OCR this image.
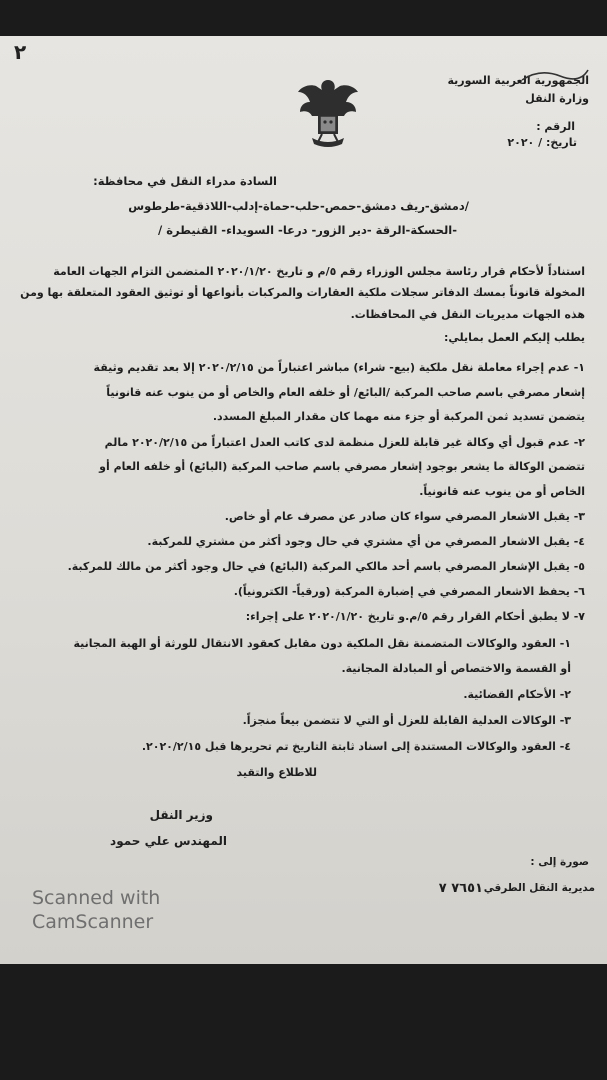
٢
الجمهورية العربية السورية
وزارة النقل
الرقم :
تاريخ: / ٢٠٢٠
السادة مدراء النقل في محافظة:
/دمشق-ريف دمشق-حمص-حلب-حماة-إدلب-اللاذقية-طرطوس
-الحسكة-الرقة -دير الزور- درعا- السويداء- القنيطرة /
استناداً لأحكام قرار رئاسة مجلس الوزراء رقم ٥/م و تاريخ ٢٠٢٠/١/٢٠ المتضمن التزام الجهات العامة
المخولة قانوناً بمسك الدفاتر سجلات ملكية العقارات والمركبات بأنواعها أو توثيق العقود المتعلقة بها ومن
هذه الجهات مديريات النقل في المحافظات.
يطلب إليكم العمل بمايلي:
١- عدم إجراء معاملة نقل ملكية (بيع- شراء) مباشر اعتباراً من ٢٠٢٠/٢/١٥ إلا بعد تقديم وثيقة
إشعار مصرفي باسم صاحب المركبة /البائع/ أو خلفه العام والخاص أو من ينوب عنه قانونياً
يتضمن تسديد ثمن المركبة أو جزء منه مهما كان مقدار المبلغ المسدد.
٢- عدم قبول أي وكالة غير قابلة للعزل منظمة لدى كاتب العدل اعتباراً من ٢٠٢٠/٢/١٥ مالم
تتضمن الوكالة ما يشعر بوجود إشعار مصرفي باسم صاحب المركبة (البائع) أو خلفه العام أو
الخاص أو من ينوب عنه قانونياً.
٣- يقبل الاشعار المصرفي سواء كان صادر عن مصرف عام أو خاص.
٤- يقبل الاشعار المصرفي من أي مشتري في حال وجود أكثر من مشتري للمركبة.
٥- يقبل الإشعار المصرفي باسم أحد مالكي المركبة (البائع) في حال وجود أكثر من مالك للمركبة.
٦- يحفظ الاشعار المصرفي في إضبارة المركبة (ورقياً- الكترونياً).
٧- لا يطبق أحكام القرار رقم ٥/م.و تاريخ ٢٠٢٠/١/٢٠ على إجراء:
١- العقود والوكالات المتضمنة نقل الملكية دون مقابل كعقود الانتقال للورثة أو الهبة المجانية
أو القسمة والاختصاص أو المبادلة المجانية.
٢- الأحكام القضائية.
٣- الوكالات العدلية القابلة للعزل أو التي لا تتضمن بيعاً منجزاً.
٤- العقود والوكالات المستندة إلى اسناد ثابتة التاريخ تم تحريرها قبل ٢٠٢٠/٢/١٥.
للاطلاع والتقيد
وزير النقل
المهندس علي حمود
صورة إلى :
مديرية النقل الطرقي
٧٦٥١ ٧
Scanned with
CamScanner
